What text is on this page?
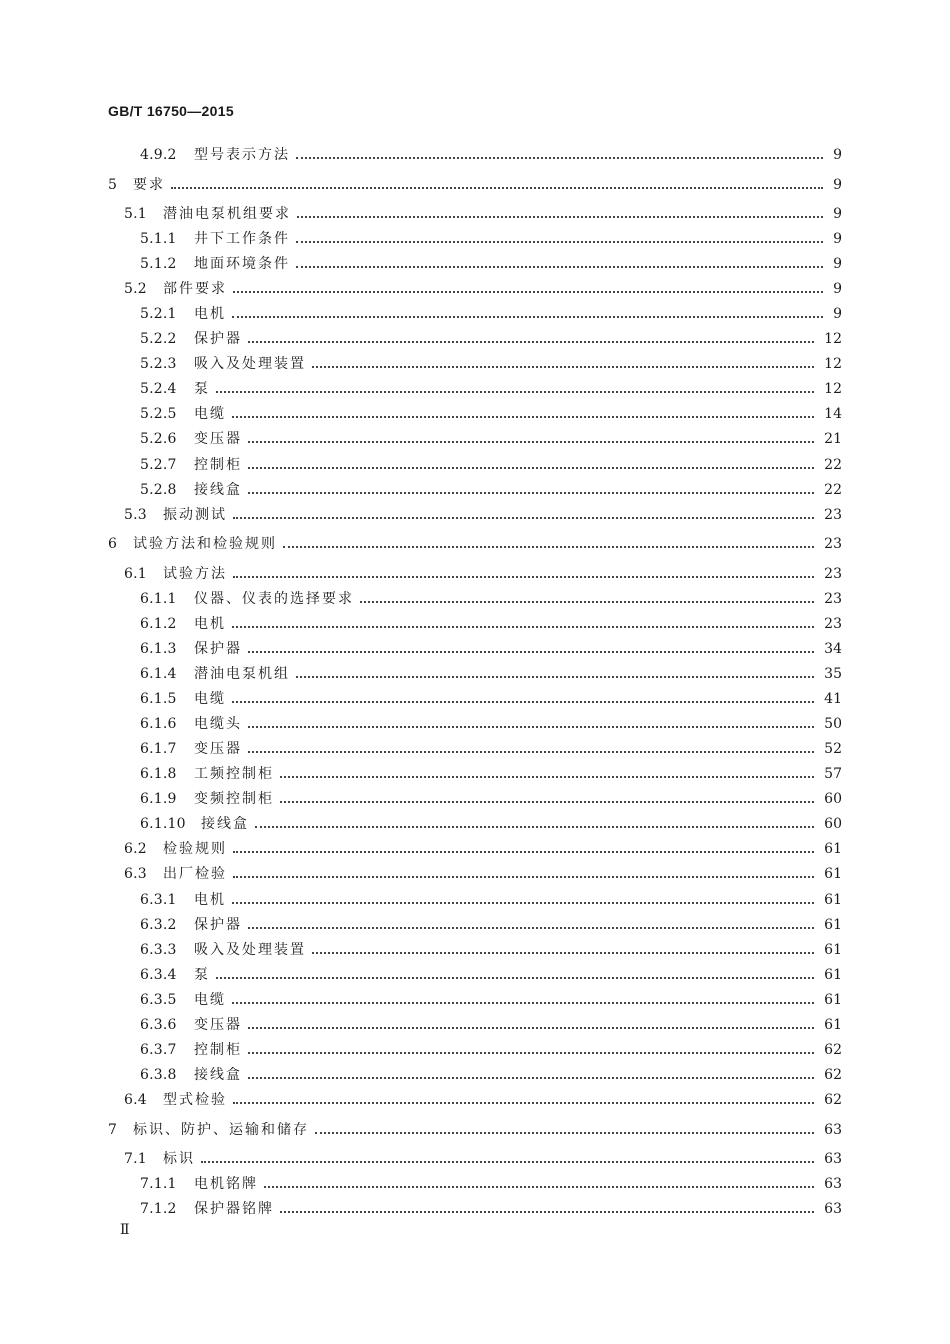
GB/T 16750—2015
4.9.2 型号表示方法	9
5 要求	9
5.1 潜油电泵机组要求	9
5.1.1 井下工作条件	9
5.1.2 地面环境条件	9
5.2 部件要求	9
5.2.1 电机	9
5.2.2 保护器	12
5.2.3 吸入及处理装置	12
5.2.4 泵	12
5.2.5 电缆	14
5.2.6 变压器	21
5.2.7 控制柜	22
5.2.8 接线盒	22
5.3 振动测试	23
6 试验方法和检验规则	23
6.1 试验方法	23
6.1.1 仪器、仪表的选择要求	23
6.1.2 电机	23
6.1.3 保护器	34
6.1.4 潜油电泵机组	35
6.1.5 电缆	41
6.1.6 电缆头	50
6.1.7 变压器	52
6.1.8 工频控制柜	57
6.1.9 变频控制柜	60
6.1.10 接线盒	60
6.2 检验规则	61
6.3 出厂检验	61
6.3.1 电机	61
6.3.2 保护器	61
6.3.3 吸入及处理装置	61
6.3.4 泵	61
6.3.5 电缆	61
6.3.6 变压器	61
6.3.7 控制柜	62
6.3.8 接线盒	62
6.4 型式检验	62
7 标识、防护、运输和储存	63
7.1 标识	63
7.1.1 电机铭牌	63
7.1.2 保护器铭牌	63
Ⅱ
